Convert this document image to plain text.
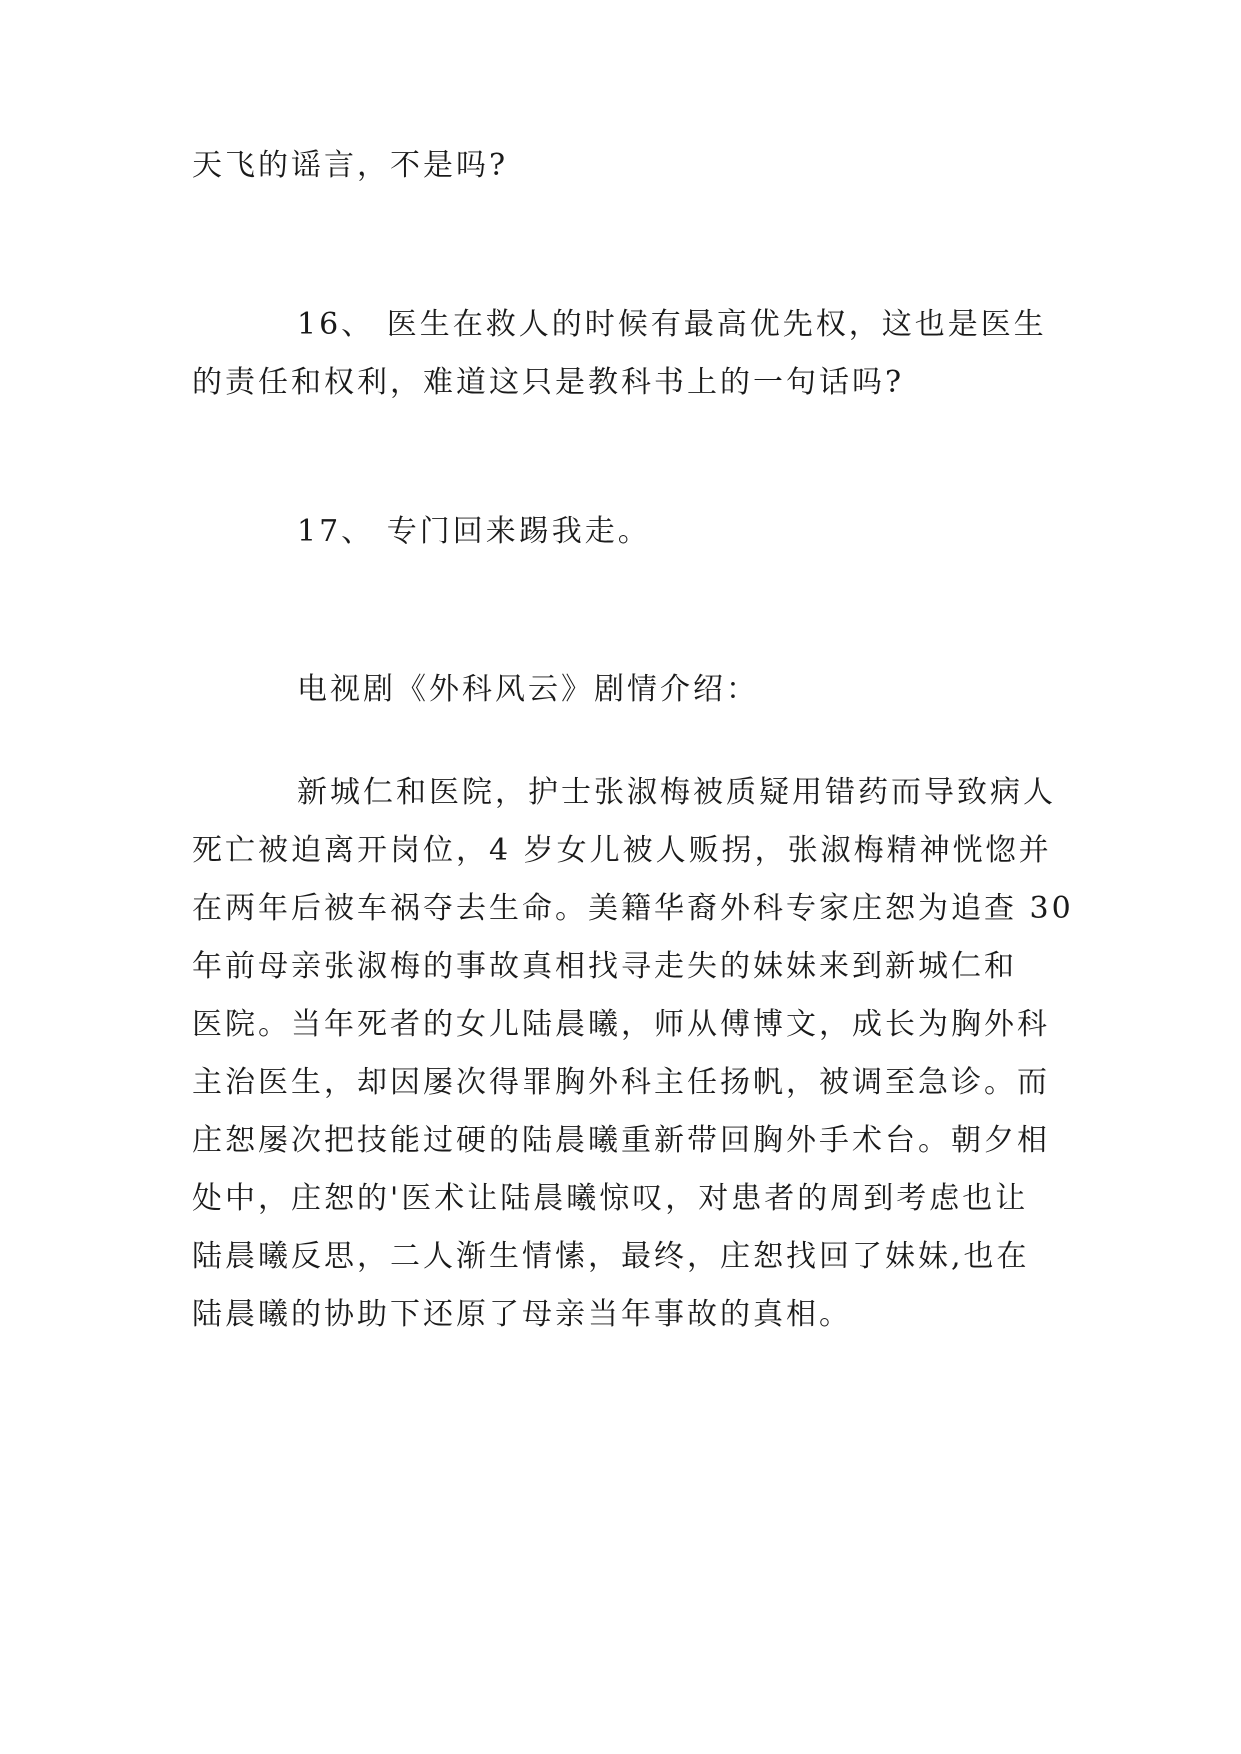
天飞的谣言，不是吗?

16、 医生在救人的时候有最高优先权，这也是医生
的责任和权利，难道这只是教科书上的一句话吗?

17、 专门回来踢我走。

电视剧《外科风云》剧情介绍：

新城仁和医院，护士张淑梅被质疑用错药而导致病人
死亡被迫离开岗位，4 岁女儿被人贩拐，张淑梅精神恍惚并
在两年后被车祸夺去生命。美籍华裔外科专家庄恕为追查 30
年前母亲张淑梅的事故真相找寻走失的妹妹来到新城仁和
医院。当年死者的女儿陆晨曦，师从傅博文，成长为胸外科
主治医生，却因屡次得罪胸外科主任扬帆，被调至急诊。而
庄恕屡次把技能过硬的陆晨曦重新带回胸外手术台。朝夕相
处中，庄恕的'医术让陆晨曦惊叹，对患者的周到考虑也让
陆晨曦反思，二人渐生情愫，最终，庄恕找回了妹妹,也在
陆晨曦的协助下还原了母亲当年事故的真相。
